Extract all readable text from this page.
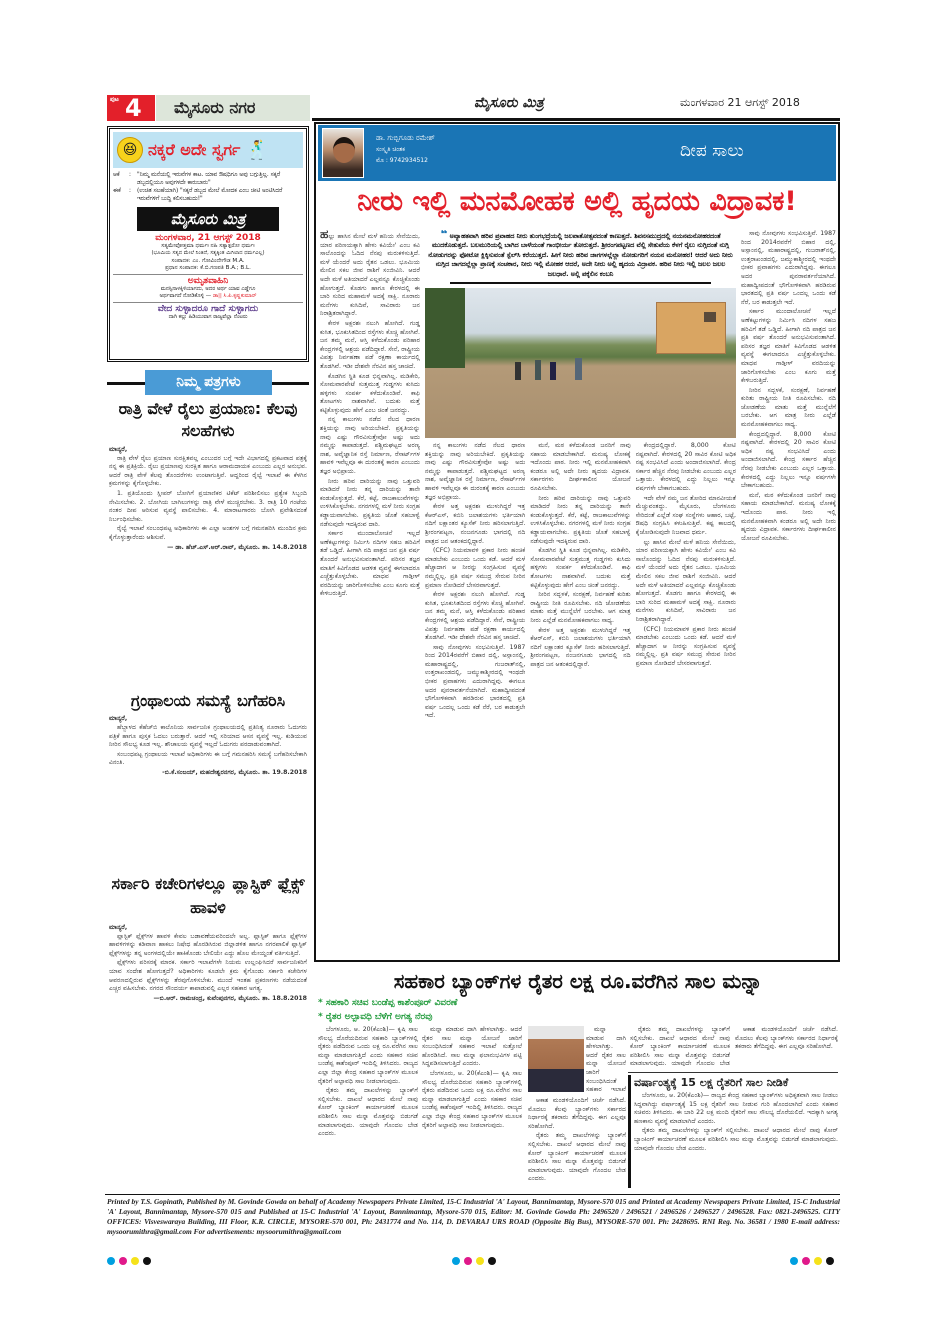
ಪುಟ 4	ಮೈಸೂರು ನಗರ	ಮೈಸೂರು ಮಿತ್ರ	ಮಂಗಳವಾರ 21 ಆಗಸ್ಟ್ 2018
😆 ನಕ್ಕರೆ ಅದೇ ಸ್ವರ್ಗ 🕺
ಆಕೆ	:	"ನಿಮ್ಮ ಮನೆಯಲ್ಲಿ ಇರುವೆಗಳ ಕಾಟ. ಯಾವ ಔಷಧಿಗೂ ಅವು ಬಗ್ಗುತ್ತಿಲ್ಲ. ಸಕ್ಕರೆ ಡಬ್ಬದಲ್ಲಿಯೂ ಅವುಗಳದೇ ಕಾರುಬಾರು"
ಈಕೆ	:	(ಉಚಿತ ಸಲಹೆಯಾಗಿ) "ಸಕ್ಕರೆ ಡಬ್ಬದ ಮೇಲೆ ಮೋದಕ ಎಂಬ ಚೀಟಿ ಅಂಟಿಸಿದರೆ ಇರುವೆಗಳಿಗೆ ಬುದ್ಧಿ ಕಲಿಸಬಹುದು!"
ಮೈಸೂರು ಮಿತ್ರ
ಮಂಗಳವಾರ, 21 ಆಗಸ್ಟ್ 2018
ಸತ್ಯಮೇವೋತ್ತಮಾ ಧರ್ಮಃ ನಹಿ ಸತ್ಯಾತ್ಪರೋ ಧರ್ಮಃ
(ಭೂಮಿಯ ಸತ್ಯದ ಮೇಲೆ ನಿಂತಿದೆ, ಸತ್ಯಕ್ಕಿಂತ ಮಿಗಿಲಾದ ಧರ್ಮವಿಲ್ಲ)
ಸಂಪಾದಕ: ಎಂ. ಗೋವಿಂದೇಗೌಡ M.A.
ಪ್ರಧಾನ ಸಂಪಾದಕ: ಕೆ.ಬಿ.ಗಣಪತಿ B.A.; B.L.
ಅಮೃತವಾಹಿನಿ
ಮನಸ್ಸಿನಾಳಕ್ಕಿಳಿಯಾಗದು, ಅದರ ಅರ್ಥ ಯಾವ ಎಡ್ಡೆಗೂ
ಅರ್ಥವಾಗದೆ ನೋಡಿಕೊಳ್ಳಿ — ಡಾ|| ಸಿ.ಪಿ.ಕೃಷ್ಣಕುಮಾರ್
ವೇದ ಸುಳ್ಳಾದರೂ ಗಾದೆ ಸುಳ್ಳಾಗದು
ದಾಗಿ ಕಲ್ಲು ಹಿಡಿಯುವಾಗ ರಾಜ್ಯವೆಲ್ಲಾ ನೆಂಟರು
ನಿಮ್ಮ ಪತ್ರಗಳು
ರಾತ್ರಿ ವೇಳೆ ರೈಲು ಪ್ರಯಾಣ: ಕೆಲವು ಸಲಹೆಗಳು
ಮಾನ್ಯರೆ,

ರಾತ್ರಿ ವೇಳೆ ರೈಲು ಪ್ರಯಾಣ ಸುರಕ್ಷಿತವಲ್ಲ ಎಂಬುದರ ಬಗ್ಗೆ ಇದೇ ವಿಭಾಗದಲ್ಲಿ ಪ್ರಕಟವಾದ ಪತ್ರಕ್ಕೆ ನನ್ನ ಈ ಪ್ರತಿಕ್ರಿಯೆ. ರೈಲು ಪ್ರಯಾಣವು ಸುರಕ್ಷಿತ ಹಾಗೂ ಆರಾಮದಾಯಕ ಎಂಬುದು ಎಲ್ಲರ ಅನುಭವ. ಆದರೆ ರಾತ್ರಿ ವೇಳೆ ಕೆಲವು ತೊಂದರೆಗಳು ಉಂಟಾಗುತ್ತಿವೆ. ಆದ್ದರಿಂದ ರೈಲ್ವೆ ಇಲಾಖೆ ಈ ಕೆಳಗಿನ ಕ್ರಮಗಳನ್ನು ಕೈಗೊಳ್ಳಬೇಕು.

1. ಪ್ರತಿಯೊಂದು ಸ್ಲೀಪರ್ ಬೋಗಿಗೆ ಪ್ರಯಾಣಿಕರ ಟಿಕೆಟ್ ಪರಿಶೀಲಿಸಲು ಪ್ರತ್ಯೇಕ ಸಿಬ್ಬಂದಿ ನೇಮಿಸಬೇಕು. 2. ಬೋಗಿಯ ಬಾಗಿಲುಗಳನ್ನು ರಾತ್ರಿ ವೇಳೆ ಮುಚ್ಚಿರಬೇಕು. 3. ರಾತ್ರಿ 10 ಗಂಟೆಯ ನಂತರ ದೀಪ ಆರಿಸುವ ವ್ಯವಸ್ಥೆ ಪಾಲಿಸಬೇಕು. 4. ಮಾರಾಟಗಾರರು ಬೋಗಿ ಪ್ರವೇಶಿಸದಂತೆ ನಿರ್ಬಂಧಿಸಬೇಕು.

ರೈಲ್ವೆ ಇಲಾಖೆ ಸಂಬಂಧಪಟ್ಟ ಅಧಿಕಾರಿಗಳು ಈ ಎಲ್ಲಾ ಅಂಶಗಳ ಬಗ್ಗೆ ಗಮನಹರಿಸಿ ಮುಂದಿನ ಕ್ರಮ ಕೈಗೊಳ್ಳುತ್ತಾರೆಂದು ಆಶಿಸುವೆ.

— ಡಾ. ಹೆಚ್.ಎಸ್.ಆರ್.ರಾವ್, ಮೈಸೂರು. ತಾ. 14.8.2018
ಗ್ರಂಥಾಲಯ ಸಮಸ್ಯೆ ಬಗೆಹರಿಸಿ
ಮಾನ್ಯರೆ,

ಹೆಬ್ಬಾಳದ ಕೆಹೆಚ್‌ಬಿ ಕಾಲೊನಿಯ ಸಾರ್ವಜನಿಕ ಗ್ರಂಥಾಲಯದಲ್ಲಿ ಪ್ರತಿನಿತ್ಯ ನೂರಾರು ಓದುಗರು ಪತ್ರಿಕೆ ಹಾಗೂ ಪುಸ್ತಕ ಓದಲು ಬರುತ್ತಾರೆ. ಆದರೆ ಇಲ್ಲಿ ಸರಿಯಾದ ಆಸನ ವ್ಯವಸ್ಥೆ ಇಲ್ಲ. ಕುಡಿಯುವ ನೀರಿನ ಸೌಲಭ್ಯ ಕೂಡ ಇಲ್ಲ. ಶೌಚಾಲಯ ವ್ಯವಸ್ಥೆ ಇಲ್ಲದೆ ಓದುಗರು ಪರದಾಡುವಂತಾಗಿದೆ.

ಸಂಬಂಧಪಟ್ಟ ಗ್ರಂಥಾಲಯ ಇಲಾಖೆ ಅಧಿಕಾರಿಗಳು ಈ ಬಗ್ಗೆ ಗಮನಹರಿಸಿ ಸಮಸ್ಯೆ ಬಗೆಹರಿಸಬೇಕಾಗಿ ವಿನಂತಿ.

-ಬಿ.ಕೆ.ಸಂಜಯ್, ಮಹದೇಶ್ವರನಗರ, ಮೈಸೂರು. ತಾ. 19.8.2018
ಸರ್ಕಾರಿ ಕಚೇರಿಗಳಲ್ಲೂ ಪ್ಲಾಸ್ಟಿಕ್ ಫ್ಲೆಕ್ಸ್ ಹಾವಳಿ
ಮಾನ್ಯರೆ,

ಪ್ಲಾಸ್ಟಿಕ್ ಫ್ಲೆಕ್ಸ್‌ಗಳ ಹಾವಳಿ ಕೇವಲ ಬಡಾವಣೆಯವರಿಂದಲೇ ಅಲ್ಲ. ಪ್ಲಾಸ್ಟಿಕ್ ಹಾಗೂ ಫ್ಲೆಕ್ಸ್‌ಗಳ ಹಾವಳಿಗಳನ್ನು ಕಡಿವಾಣ ಹಾಕಲು ನಿಷೇಧ ಹೊರಡಿಸಿರುವ ಜಿಲ್ಲಾಡಳಿತ ಹಾಗೂ ನಗರಪಾಲಿಕೆ ಪ್ಲಾಸ್ಟಿಕ್ ಫ್ಲೆಕ್ಸ್‌ಗಳನ್ನು ತನ್ನ ಅಂಗಳದಲ್ಲಿಯೇ ಹಾಕಿಕೊಂಡು ಬೇಲಿಯೇ ಎದ್ದು ಹೊಲ ಮೇಯ್ದಂತೆ ವರ್ತಿಸುತ್ತಿದೆ.

ಫ್ಲೆಕ್ಸ್‌ಗಳು ಪರಿಸರಕ್ಕೆ ಮಾರಕ. ಸರ್ಕಾರಿ ಇಲಾಖೆಗಳೇ ನಿಯಮ ಉಲ್ಲಂಘಿಸಿದರೆ ಸಾರ್ವಜನಿಕರಿಗೆ ಯಾವ ಸಂದೇಶ ಹೋಗುತ್ತದೆ? ಅಧಿಕಾರಿಗಳು ಕೂಡಲೇ ಕ್ರಮ ಕೈಗೊಂಡು ಸರ್ಕಾರಿ ಕಚೇರಿಗಳ ಆವರಣದಲ್ಲಿರುವ ಫ್ಲೆಕ್ಸ್‌ಗಳನ್ನು ತೆರವುಗೊಳಿಸಬೇಕು. ಮುಂದೆ ಇಂತಹ ಪ್ರಕರಣಗಳು ನಡೆಯದಂತೆ ಎಚ್ಚರ ವಹಿಸಬೇಕು. ನಗರದ ಸೌಂದರ್ಯ ಕಾಪಾಡುವಲ್ಲಿ ಎಲ್ಲರ ಸಹಕಾರ ಅಗತ್ಯ.

—ಬಿ.ಆರ್. ರಾಮಚಂದ್ರ, ಕುವೆಂಪುನಗರ, ಮೈಸೂರು. ತಾ. 18.8.2018
ಡಾ. ಗುಬ್ಬಿಗೂಡು ರಮೇಶ್
ಸಂಸ್ಕೃತಿ ಚಿಂತಕ
ಮೊ : 9742934512	ದೀಪ ಸಾಲು
ನೀರು ಇಲ್ಲಿ ಮನಮೋಹಕ ಅಲ್ಲಿ ಹೃದಯ ವಿದ್ರಾವಕ!

ಹಲ್ಲು ಹಾಸಿನ ಮೇಲೆ ಮಳೆ ಹನಿಯ ಸೇನೆಯಿದು, ಯಾರ ಪರಿಣಯಕ್ಕಾಗಿ ಹೇಳು ಕವಿಯೇ' ಎಂಬ ಕವಿ ಸಾಲೊಂದನ್ನು ಓದಿದ ನೆನಪು ಮರುಕಳಿಸುತ್ತಿದೆ. ಮಳೆ ಯೆಂದರೆ ಅದು ರೈತನ ಒಡಲು. ಭೂಮಿಯ ಮೇಲಿನ ಸಕಲ ಜೀವ ರಾಶಿಗೆ ಸಂಜೀವಿನಿ. ಆದರೆ ಅದೇ ಮಳೆ ಅತಿಯಾದರೆ ಎಲ್ಲವನ್ನೂ ಕೊಚ್ಚಿಕೊಂಡು ಹೋಗುತ್ತದೆ. ಕೊಡಗು ಹಾಗೂ ಕೇರಳದಲ್ಲಿ ಈ ಬಾರಿ ಸುರಿದ ಮಹಾಮಳೆ ಅದಕ್ಕೆ ಸಾಕ್ಷಿ. ನೂರಾರು ಮನೆಗಳು ಕುಸಿದಿವೆ, ಸಾವಿರಾರು ಜನ ನಿರಾಶ್ರಿತರಾಗಿದ್ದಾರೆ.

ಕೇರಳ ಅಕ್ಷರಶಃ ನಲುಗಿ ಹೋಗಿದೆ. ಗುಡ್ಡ ಕುಸಿತ, ಭೂಕುಸಿತದಿಂದ ರಸ್ತೆಗಳು ಕೊಚ್ಚಿ ಹೋಗಿವೆ. ಜನ ತಮ್ಮ ಮನೆ, ಆಸ್ತಿ ಕಳೆದುಕೊಂಡು ಪರಿಹಾರ ಕೇಂದ್ರಗಳಲ್ಲಿ ಆಶ್ರಯ ಪಡೆದಿದ್ದಾರೆ. ಸೇನೆ, ರಾಷ್ಟ್ರೀಯ ವಿಪತ್ತು ನಿರ್ವಹಣಾ ಪಡೆ ರಕ್ಷಣಾ ಕಾರ್ಯದಲ್ಲಿ ತೊಡಗಿವೆ. ಇಡೀ ದೇಶವೇ ನೆರವಿನ ಹಸ್ತ ಚಾಚಿದೆ.

ಕೊಡಗಿನ ಸ್ಥಿತಿ ಕೂಡ ಭಿನ್ನವಾಗಿಲ್ಲ. ಮಡಿಕೇರಿ, ಸೋಮವಾರಪೇಟೆ ಸುತ್ತಮುತ್ತ ಗುಡ್ಡಗಳು ಕುಸಿದು ಹಳ್ಳಿಗಳು ಸಂಪರ್ಕ ಕಳೆದುಕೊಂಡಿವೆ. ಕಾಫಿ ತೋಟಗಳು ನಾಶವಾಗಿವೆ. ಬದುಕು ಮತ್ತೆ ಕಟ್ಟಿಕೊಳ್ಳುವುದು ಹೇಗೆ ಎಂಬ ಚಿಂತೆ ಜನರದ್ದು.

ನನ್ನ ಕಾಲುಗಳು ನಡೆದ ನೆಲದ ಧಾರಣ ಶಕ್ತಿಯನ್ನು ನಾವು ಅರಿಯಬೇಕಿದೆ. ಪ್ರಕೃತಿಯನ್ನು ನಾವು ಎಷ್ಟು ಗೌರವಿಸುತ್ತೇವೋ ಅಷ್ಟು ಅದು ನಮ್ಮನ್ನು ಕಾಪಾಡುತ್ತದೆ. ಪಶ್ಚಿಮಘಟ್ಟದ ಅರಣ್ಯ ನಾಶ, ಅವೈಜ್ಞಾನಿಕ ರಸ್ತೆ ನಿರ್ಮಾಣ, ರೆಸಾರ್ಟ್‌ಗಳ ಹಾವಳಿ ಇವೆಲ್ಲವೂ ಈ ದುರಂತಕ್ಕೆ ಕಾರಣ ಎಂಬುದು ತಜ್ಞರ ಅಭಿಪ್ರಾಯ.

ನೀರು ಹರಿವ ದಾರಿಯನ್ನು ನಾವು ಒತ್ತುವರಿ ಮಾಡಿದರೆ ನೀರು ತನ್ನ ದಾರಿಯನ್ನು ತಾನೇ ಕಂಡುಕೊಳ್ಳುತ್ತದೆ. ಕೆರೆ, ಕಟ್ಟೆ, ರಾಜಕಾಲುವೆಗಳನ್ನು ಉಳಿಸಿಕೊಳ್ಳಬೇಕು. ನಗರಗಳಲ್ಲಿ ಮಳೆ ನೀರು ಸಂಗ್ರಹ ಕಡ್ಡಾಯವಾಗಬೇಕು. ಪ್ರಕೃತಿಯ ಜೊತೆ ಸಹಬಾಳ್ವೆ ನಡೆಸುವುದೇ ಇದಕ್ಕಿರುವ ದಾರಿ.

ಸರ್ಕಾರ ಮುಂದಾಲೋಚನೆ ಇಲ್ಲದೆ ಅಣೆಕಟ್ಟುಗಳನ್ನು ನಿರ್ಮಿಸಿ ನದಿಗಳ ಸಹಜ ಹರಿವಿಗೆ ತಡೆ ಒಡ್ಡಿದೆ. ಹೀಗಾಗಿ ನದಿ ಪಾತ್ರದ ಜನ ಪ್ರತಿ ವರ್ಷ ತೊಂದರೆ ಅನುಭವಿಸುವಂತಾಗಿದೆ. ಪರಿಸರ ತಜ್ಞರ ಮಾತಿಗೆ ಕಿವಿಗೊಡದ ಆಡಳಿತ ವ್ಯವಸ್ಥೆ ಈಗಲಾದರೂ ಎಚ್ಚೆತ್ತುಕೊಳ್ಳಬೇಕು. ಮಾಧವ ಗಾಡ್ಗೀಳ್ ವರದಿಯನ್ನು ಜಾರಿಗೊಳಿಸಬೇಕು ಎಂಬ ಕೂಗು ಮತ್ತೆ ಕೇಳಿಬರುತ್ತಿದೆ.

❝ ಅವ್ಯಾಹತವಾಗಿ ಹರಿವ ಪ್ರವಾಹದ ನೀರು ತುಂಗಭದ್ರೆಯಲ್ಲಿ ಜಲಪಾತೋತ್ಸವದಂತೆ ಕಾಣುತ್ತದೆ. ಶಿವನಸಮುದ್ರದಲ್ಲಿ ನಯನಮನೋಹರದಂತೆ ಮುದಕೊಡುತ್ತದೆ. ಬಲಮುರಿಯಲ್ಲಿ ಬಾಗಿದ ಬಾಳೆಯಂತೆ ಗಾಂಭೀರ್ಯ ತೋರುತ್ತದೆ. ಶ್ರೀರಂಗಪಟ್ಟಣದ ವೆಲ್ಲಿ ಸೇತುವೆಯ ಕೆಳಗೆ ರೈಲು ನುಗ್ಗಿದಂತೆ ನುಗ್ಗಿ ನೋಡುಗರನ್ನು ಫೋಟೋ ಕ್ಲಿಕ್ಕಿಸುವಂತೆ ಸ್ಪೆಲ್‌ಸಿ ಕರೆಯುತ್ತದೆ. ಹೀಗೆ ನೀರು ಹರಿವ ಜಾಗಗಳಲ್ಲೆಲ್ಲಾ ನೋಡುಗರಿಗೆ ನಯನ ಮನೋಹರ! ಆದರೆ ಅದು ನೀರು ನುಗ್ಗಿದ ಜಾಗದಲ್ಲೆಲ್ಲಾ ಪ್ರಾಣಕ್ಕೆ ಸಂಚಕಾರ, ನೀರು ಇಲ್ಲಿ ಮೋಹಕ ಆದರೆ, ಅದೇ ನೀರು ಅಲ್ಲಿ ಹೃದಯ ವಿದ್ರಾವಕ. ಹರಿವ ನೀರು ಇಲ್ಲಿ ಜಲಲ ಜಲಲ ಜಲಧಾರೆ. ಅಲ್ಲಿ ಪಕ್ಕೆಲಿನ ಕಂಬನಿ

ನನ್ನ ಕಾಲುಗಳು ನಡೆದ ನೆಲದ ಧಾರಣ ಶಕ್ತಿಯನ್ನು ನಾವು ಅರಿಯಬೇಕಿದೆ. ಪ್ರಕೃತಿಯನ್ನು ನಾವು ಎಷ್ಟು ಗೌರವಿಸುತ್ತೇವೋ ಅಷ್ಟು ಅದು ನಮ್ಮನ್ನು ಕಾಪಾಡುತ್ತದೆ. ಪಶ್ಚಿಮಘಟ್ಟದ ಅರಣ್ಯ ನಾಶ, ಅವೈಜ್ಞಾನಿಕ ರಸ್ತೆ ನಿರ್ಮಾಣ, ರೆಸಾರ್ಟ್‌ಗಳ ಹಾವಳಿ ಇವೆಲ್ಲವೂ ಈ ದುರಂತಕ್ಕೆ ಕಾರಣ ಎಂಬುದು ತಜ್ಞರ ಅಭಿಪ್ರಾಯ.

ಕೇರಳ ಅತ್ತ ಅಕ್ಷರಶಃ ಮುಳುಗಿದ್ದರೆ ಇತ್ತ ಕೆಆರ್‌ಎಸ್, ಕಬಿನಿ ಜಲಾಶಯಗಳು ಭರ್ತಿಯಾಗಿ ನದಿಗೆ ಲಕ್ಷಾಂತರ ಕ್ಯೂಸೆಕ್ ನೀರು ಹರಿಸಲಾಗುತ್ತಿದೆ. ಶ್ರೀರಂಗಪಟ್ಟಣ, ನಂಜನಗೂಡು ಭಾಗದಲ್ಲಿ ನದಿ ಪಾತ್ರದ ಜನ ಆತಂಕದಲ್ಲಿದ್ದಾರೆ.

(CFC) ನಿಯಮಾವಳಿ ಪ್ರಕಾರ ನೀರು ಹಂಚಿಕೆ ಮಾಡಬೇಕು ಎಂಬುದು ಒಂದು ಕಡೆ. ಆದರೆ ಮಳೆ ಹೆಚ್ಚಾದಾಗ ಆ ನೀರನ್ನು ಸಂಗ್ರಹಿಸುವ ವ್ಯವಸ್ಥೆ ನಮ್ಮಲ್ಲಿಲ್ಲ. ಪ್ರತಿ ವರ್ಷ ಸಮುದ್ರ ಸೇರುವ ನೀರಿನ ಪ್ರಮಾಣ ನೋಡಿದರೆ ಬೇಸರವಾಗುತ್ತದೆ.

ಕೇರಳ ಅಕ್ಷರಶಃ ನಲುಗಿ ಹೋಗಿದೆ. ಗುಡ್ಡ ಕುಸಿತ, ಭೂಕುಸಿತದಿಂದ ರಸ್ತೆಗಳು ಕೊಚ್ಚಿ ಹೋಗಿವೆ. ಜನ ತಮ್ಮ ಮನೆ, ಆಸ್ತಿ ಕಳೆದುಕೊಂಡು ಪರಿಹಾರ ಕೇಂದ್ರಗಳಲ್ಲಿ ಆಶ್ರಯ ಪಡೆದಿದ್ದಾರೆ. ಸೇನೆ, ರಾಷ್ಟ್ರೀಯ ವಿಪತ್ತು ನಿರ್ವಹಣಾ ಪಡೆ ರಕ್ಷಣಾ ಕಾರ್ಯದಲ್ಲಿ ತೊಡಗಿವೆ. ಇಡೀ ದೇಶವೇ ನೆರವಿನ ಹಸ್ತ ಚಾಚಿದೆ.

ಸಾವು ನೋವುಗಳು ಸಂಭವಿಸುತ್ತಿವೆ. 1987 ರಿಂದ 2014ರವರೆಗೆ ಬಿಹಾರ ದಲ್ಲಿ, ಅಸ್ಸಾಂನಲ್ಲಿ, ಮಹಾರಾಷ್ಟ್ರದಲ್ಲಿ, ಗುಜರಾತ್‌ನಲ್ಲಿ, ಉತ್ತರಾಖಂಡದಲ್ಲಿ, ಜಮ್ಮುಕಾಶ್ಮೀರದಲ್ಲಿ ಇಂಥದೇ ಭೀಕರ ಪ್ರವಾಹಗಳು ಎದುರಾಗಿದ್ದವು. ಈಗಲೂ ಅದರ ಪುನರಾವರ್ತನೆಯಾಗಿದೆ. ಮಹಾದ್ವೀಪದಂತೆ ಭೌಗೋಳಿಕವಾಗಿ ಹರಡಿರುವ ಭಾರತದಲ್ಲಿ ಪ್ರತಿ ವರ್ಷ ಒಂದಲ್ಲ ಒಂದು ಕಡೆ ನೆರೆ, ಬರ ಕಾಡುತ್ತಲೇ ಇದೆ.

ಮನೆ, ಮಠ ಕಳೆದುಕೊಂಡ ಜನರಿಗೆ ನಾವು ಸಹಾಯ ಮಾಡಬೇಕಾಗಿದೆ. ಮನುಷ್ಯ ಲೋಕಕ್ಕೆ ಇದೊಂದು ಪಾಠ. ನೀರು ಇಲ್ಲಿ ಮನಮೋಹಕವಾಗಿ ಕಂಡರೂ ಅಲ್ಲಿ ಅದೇ ನೀರು ಹೃದಯ ವಿದ್ರಾವಕ. ಸರ್ಕಾರಗಳು ದೀರ್ಘಕಾಲೀನ ಯೋಜನೆ ರೂಪಿಸಬೇಕು.

ನೀರು ಹರಿವ ದಾರಿಯನ್ನು ನಾವು ಒತ್ತುವರಿ ಮಾಡಿದರೆ ನೀರು ತನ್ನ ದಾರಿಯನ್ನು ತಾನೇ ಕಂಡುಕೊಳ್ಳುತ್ತದೆ. ಕೆರೆ, ಕಟ್ಟೆ, ರಾಜಕಾಲುವೆಗಳನ್ನು ಉಳಿಸಿಕೊಳ್ಳಬೇಕು. ನಗರಗಳಲ್ಲಿ ಮಳೆ ನೀರು ಸಂಗ್ರಹ ಕಡ್ಡಾಯವಾಗಬೇಕು. ಪ್ರಕೃತಿಯ ಜೊತೆ ಸಹಬಾಳ್ವೆ ನಡೆಸುವುದೇ ಇದಕ್ಕಿರುವ ದಾರಿ.

ಕೊಡಗಿನ ಸ್ಥಿತಿ ಕೂಡ ಭಿನ್ನವಾಗಿಲ್ಲ. ಮಡಿಕೇರಿ, ಸೋಮವಾರಪೇಟೆ ಸುತ್ತಮುತ್ತ ಗುಡ್ಡಗಳು ಕುಸಿದು ಹಳ್ಳಿಗಳು ಸಂಪರ್ಕ ಕಳೆದುಕೊಂಡಿವೆ. ಕಾಫಿ ತೋಟಗಳು ನಾಶವಾಗಿವೆ. ಬದುಕು ಮತ್ತೆ ಕಟ್ಟಿಕೊಳ್ಳುವುದು ಹೇಗೆ ಎಂಬ ಚಿಂತೆ ಜನರದ್ದು.

ನೀರಿನ ಸದ್ಬಳಕೆ, ಸಂರಕ್ಷಣೆ, ನಿರ್ವಹಣೆ ಕುರಿತು ರಾಷ್ಟ್ರೀಯ ನೀತಿ ರೂಪಿಸಬೇಕು. ನದಿ ಜೋಡಣೆಯ ಮಾತು ಮತ್ತೆ ಮುನ್ನೆಲೆಗೆ ಬರಬೇಕು. ಆಗ ಮಾತ್ರ ನೀರು ಎಲ್ಲೆಡೆ ಮನಮೋಹಕವಾಗಲು ಸಾಧ್ಯ.

ಕೇರಳ ಅತ್ತ ಅಕ್ಷರಶಃ ಮುಳುಗಿದ್ದರೆ ಇತ್ತ ಕೆಆರ್‌ಎಸ್, ಕಬಿನಿ ಜಲಾಶಯಗಳು ಭರ್ತಿಯಾಗಿ ನದಿಗೆ ಲಕ್ಷಾಂತರ ಕ್ಯೂಸೆಕ್ ನೀರು ಹರಿಸಲಾಗುತ್ತಿದೆ. ಶ್ರೀರಂಗಪಟ್ಟಣ, ನಂಜನಗೂಡು ಭಾಗದಲ್ಲಿ ನದಿ ಪಾತ್ರದ ಜನ ಆತಂಕದಲ್ಲಿದ್ದಾರೆ.

ಕೇಂದ್ರದಲ್ಲಿದ್ದಾರೆ. 8,000 ಕೋಟಿ ನಷ್ಟವಾಗಿದೆ. ಕೇರಳದಲ್ಲಿ 20 ಸಾವಿರ ಕೋಟಿ ಅಧಿಕ ನಷ್ಟ ಸಂಭವಿಸಿದೆ ಎಂದು ಅಂದಾಜಿಸಲಾಗಿದೆ. ಕೇಂದ್ರ ಸರ್ಕಾರ ಹೆಚ್ಚಿನ ನೆರವು ನೀಡಬೇಕು ಎಂಬುದು ಎಲ್ಲರ ಒತ್ತಾಯ. ಕೇರಳದಲ್ಲಿ ಎದ್ದು ನಿಲ್ಲಲು ಇನ್ನೂ ವರ್ಷಗಳೇ ಬೇಕಾಗಬಹುದು.

ಇದೇ ವೇಳೆ ನಮ್ಮ ಜನ ತೋರಿದ ಮಾನವೀಯತೆ ಮೆಚ್ಚುವಂತದ್ದು. ಮೈಸೂರು, ಬೆಂಗಳೂರು ಸೇರಿದಂತೆ ಎಲ್ಲೆಡೆ ಸಂಘ ಸಂಸ್ಥೆಗಳು ಆಹಾರ, ಬಟ್ಟೆ, ಔಷಧಿ ಸಂಗ್ರಹಿಸಿ ಕಳುಹಿಸುತ್ತಿವೆ. ಕಷ್ಟ ಕಾಲದಲ್ಲಿ ಕೈಜೋಡಿಸುವುದೇ ನಿಜವಾದ ಧರ್ಮ.

ಲ್ಲು ಹಾಸಿನ ಮೇಲೆ ಮಳೆ ಹನಿಯ ಸೇನೆಯಿದು, ಯಾರ ಪರಿಣಯಕ್ಕಾಗಿ ಹೇಳು ಕವಿಯೇ' ಎಂಬ ಕವಿ ಸಾಲೊಂದನ್ನು ಓದಿದ ನೆನಪು ಮರುಕಳಿಸುತ್ತಿದೆ. ಮಳೆ ಯೆಂದರೆ ಅದು ರೈತನ ಒಡಲು. ಭೂಮಿಯ ಮೇಲಿನ ಸಕಲ ಜೀವ ರಾಶಿಗೆ ಸಂಜೀವಿನಿ. ಆದರೆ ಅದೇ ಮಳೆ ಅತಿಯಾದರೆ ಎಲ್ಲವನ್ನೂ ಕೊಚ್ಚಿಕೊಂಡು ಹೋಗುತ್ತದೆ. ಕೊಡಗು ಹಾಗೂ ಕೇರಳದಲ್ಲಿ ಈ ಬಾರಿ ಸುರಿದ ಮಹಾಮಳೆ ಅದಕ್ಕೆ ಸಾಕ್ಷಿ. ನೂರಾರು ಮನೆಗಳು ಕುಸಿದಿವೆ, ಸಾವಿರಾರು ಜನ ನಿರಾಶ್ರಿತರಾಗಿದ್ದಾರೆ.

(CFC) ನಿಯಮಾವಳಿ ಪ್ರಕಾರ ನೀರು ಹಂಚಿಕೆ ಮಾಡಬೇಕು ಎಂಬುದು ಒಂದು ಕಡೆ. ಆದರೆ ಮಳೆ ಹೆಚ್ಚಾದಾಗ ಆ ನೀರನ್ನು ಸಂಗ್ರಹಿಸುವ ವ್ಯವಸ್ಥೆ ನಮ್ಮಲ್ಲಿಲ್ಲ. ಪ್ರತಿ ವರ್ಷ ಸಮುದ್ರ ಸೇರುವ ನೀರಿನ ಪ್ರಮಾಣ ನೋಡಿದರೆ ಬೇಸರವಾಗುತ್ತದೆ.

ಸಾವು ನೋವುಗಳು ಸಂಭವಿಸುತ್ತಿವೆ. 1987 ರಿಂದ 2014ರವರೆಗೆ ಬಿಹಾರ ದಲ್ಲಿ, ಅಸ್ಸಾಂನಲ್ಲಿ, ಮಹಾರಾಷ್ಟ್ರದಲ್ಲಿ, ಗುಜರಾತ್‌ನಲ್ಲಿ, ಉತ್ತರಾಖಂಡದಲ್ಲಿ, ಜಮ್ಮುಕಾಶ್ಮೀರದಲ್ಲಿ ಇಂಥದೇ ಭೀಕರ ಪ್ರವಾಹಗಳು ಎದುರಾಗಿದ್ದವು. ಈಗಲೂ ಅದರ ಪುನರಾವರ್ತನೆಯಾಗಿದೆ. ಮಹಾದ್ವೀಪದಂತೆ ಭೌಗೋಳಿಕವಾಗಿ ಹರಡಿರುವ ಭಾರತದಲ್ಲಿ ಪ್ರತಿ ವರ್ಷ ಒಂದಲ್ಲ ಒಂದು ಕಡೆ ನೆರೆ, ಬರ ಕಾಡುತ್ತಲೇ ಇದೆ.

ಸರ್ಕಾರ ಮುಂದಾಲೋಚನೆ ಇಲ್ಲದೆ ಅಣೆಕಟ್ಟುಗಳನ್ನು ನಿರ್ಮಿಸಿ ನದಿಗಳ ಸಹಜ ಹರಿವಿಗೆ ತಡೆ ಒಡ್ಡಿದೆ. ಹೀಗಾಗಿ ನದಿ ಪಾತ್ರದ ಜನ ಪ್ರತಿ ವರ್ಷ ತೊಂದರೆ ಅನುಭವಿಸುವಂತಾಗಿದೆ. ಪರಿಸರ ತಜ್ಞರ ಮಾತಿಗೆ ಕಿವಿಗೊಡದ ಆಡಳಿತ ವ್ಯವಸ್ಥೆ ಈಗಲಾದರೂ ಎಚ್ಚೆತ್ತುಕೊಳ್ಳಬೇಕು. ಮಾಧವ ಗಾಡ್ಗೀಳ್ ವರದಿಯನ್ನು ಜಾರಿಗೊಳಿಸಬೇಕು ಎಂಬ ಕೂಗು ಮತ್ತೆ ಕೇಳಿಬರುತ್ತಿದೆ.

ನೀರಿನ ಸದ್ಬಳಕೆ, ಸಂರಕ್ಷಣೆ, ನಿರ್ವಹಣೆ ಕುರಿತು ರಾಷ್ಟ್ರೀಯ ನೀತಿ ರೂಪಿಸಬೇಕು. ನದಿ ಜೋಡಣೆಯ ಮಾತು ಮತ್ತೆ ಮುನ್ನೆಲೆಗೆ ಬರಬೇಕು. ಆಗ ಮಾತ್ರ ನೀರು ಎಲ್ಲೆಡೆ ಮನಮೋಹಕವಾಗಲು ಸಾಧ್ಯ.

ಕೇಂದ್ರದಲ್ಲಿದ್ದಾರೆ. 8,000 ಕೋಟಿ ನಷ್ಟವಾಗಿದೆ. ಕೇರಳದಲ್ಲಿ 20 ಸಾವಿರ ಕೋಟಿ ಅಧಿಕ ನಷ್ಟ ಸಂಭವಿಸಿದೆ ಎಂದು ಅಂದಾಜಿಸಲಾಗಿದೆ. ಕೇಂದ್ರ ಸರ್ಕಾರ ಹೆಚ್ಚಿನ ನೆರವು ನೀಡಬೇಕು ಎಂಬುದು ಎಲ್ಲರ ಒತ್ತಾಯ. ಕೇರಳದಲ್ಲಿ ಎದ್ದು ನಿಲ್ಲಲು ಇನ್ನೂ ವರ್ಷಗಳೇ ಬೇಕಾಗಬಹುದು.

ಮನೆ, ಮಠ ಕಳೆದುಕೊಂಡ ಜನರಿಗೆ ನಾವು ಸಹಾಯ ಮಾಡಬೇಕಾಗಿದೆ. ಮನುಷ್ಯ ಲೋಕಕ್ಕೆ ಇದೊಂದು ಪಾಠ. ನೀರು ಇಲ್ಲಿ ಮನಮೋಹಕವಾಗಿ ಕಂಡರೂ ಅಲ್ಲಿ ಅದೇ ನೀರು ಹೃದಯ ವಿದ್ರಾವಕ. ಸರ್ಕಾರಗಳು ದೀರ್ಘಕಾಲೀನ ಯೋಜನೆ ರೂಪಿಸಬೇಕು.

ಸಹಕಾರ ಬ್ಯಾಂಕ್‌ಗಳ ರೈತರ ಲಕ್ಷ ರೂ.ವರೆಗಿನ ಸಾಲ ಮನ್ನಾ
* ಸಹಕಾರಿ ಸಚಿವ ಬಂಡೆಪ್ಪ ಕಾಶೆಂಪೂರ್ ವಿವರಣೆ
* ರೈತರ ಅಲ್ಪಾವಧಿ ಬೆಳೆಗೆ ಅಗತ್ಯ ನೆರವು

ಬೆಂಗಳೂರು, ಆ. 20(ಕೆಎಂಶಿ)— ಕೃಷಿ ಸಾಲ ಸೌಲಭ್ಯ ದೊರೆಯದಿರುವ ಸಹಕಾರಿ ಬ್ಯಾಂಕ್‌ಗಳಲ್ಲಿ ರೈತರು ಪಡೆದಿರುವ ಒಂದು ಲಕ್ಷ ರೂ.ವರೆಗಿನ ಸಾಲ ಮನ್ನಾ ಮಾಡಲಾಗುತ್ತಿದೆ ಎಂದು ಸಹಕಾರ ಸಚಿವ ಬಂಡೆಪ್ಪ ಕಾಶೆಂಪೂರ್ ಇಂದಿಲ್ಲಿ ತಿಳಿಸಿದರು. ರಾಜ್ಯದ ಎಲ್ಲಾ ಜಿಲ್ಲಾ ಕೇಂದ್ರ ಸಹಕಾರ ಬ್ಯಾಂಕ್‌ಗಳ ಮೂಲಕ ರೈತರಿಗೆ ಅಲ್ಪಾವಧಿ ಸಾಲ ನೀಡಲಾಗುವುದು.

ರೈತರು ತಮ್ಮ ದಾಖಲೆಗಳನ್ನು ಬ್ಯಾಂಕ್‌ಗೆ ಸಲ್ಲಿಸಬೇಕು. ದಾಖಲೆ ಆಧಾರದ ಮೇಲೆ ನಾವು ಕೋರ್ ಬ್ಯಾಂಕಿಂಗ್ ಕಾರ್ಯಾಚರಣೆ ಮೂಲಕ ಪರಿಶೀಲಿಸಿ ಸಾಲ ಮನ್ನಾ ಮೊತ್ತವನ್ನು ಬಿಡುಗಡೆ ಮಾಡಲಾಗುವುದು. ಯಾವುದೇ ಗೊಂದಲ ಬೇಡ ಎಂದರು.

ಮನ್ನಾ ಮಾಡುವ ದಾಗಿ ಹೇಳಲಾಗಿತ್ತು. ಆದರೆ ರೈತರ ಸಾಲ ಮನ್ನಾ ಯೋಜನೆ ಜಾರಿಗೆ ಸಂಬಂಧಿಸಿದಂತೆ ಸಹಕಾರ ಇಲಾಖೆ ಸುತ್ತೋಲೆ ಹೊರಡಿಸಿದೆ. ಸಾಲ ಮನ್ನಾ ಫಲಾನುಭವಿಗಳ ಪಟ್ಟಿ ಸಿದ್ಧಪಡಿಸಲಾಗುತ್ತಿದೆ ಎಂದರು.

ಬೆಂಗಳೂರು, ಆ. 20(ಕೆಎಂಶಿ)— ಕೃಷಿ ಸಾಲ ಸೌಲಭ್ಯ ದೊರೆಯದಿರುವ ಸಹಕಾರಿ ಬ್ಯಾಂಕ್‌ಗಳಲ್ಲಿ ರೈತರು ಪಡೆದಿರುವ ಒಂದು ಲಕ್ಷ ರೂ.ವರೆಗಿನ ಸಾಲ ಮನ್ನಾ ಮಾಡಲಾಗುತ್ತಿದೆ ಎಂದು ಸಹಕಾರ ಸಚಿವ ಬಂಡೆಪ್ಪ ಕಾಶೆಂಪೂರ್ ಇಂದಿಲ್ಲಿ ತಿಳಿಸಿದರು. ರಾಜ್ಯದ ಎಲ್ಲಾ ಜಿಲ್ಲಾ ಕೇಂದ್ರ ಸಹಕಾರ ಬ್ಯಾಂಕ್‌ಗಳ ಮೂಲಕ ರೈತರಿಗೆ ಅಲ್ಪಾವಧಿ ಸಾಲ ನೀಡಲಾಗುವುದು.

ಮನ್ನಾ ಮಾಡುವ ದಾಗಿ ಹೇಳಲಾಗಿತ್ತು. ಆದರೆ ರೈತರ ಸಾಲ ಮನ್ನಾ ಯೋಜನೆ ಜಾರಿಗೆ ಸಂಬಂಧಿಸಿದಂತೆ ಸಹಕಾರ ಇಲಾಖೆ

ಆಕಾಶ ಮಂಡಳಿಯೊಂದಿಗೆ ಚರ್ಚೆ ನಡೆಸಿದೆ. ಮೊದಲು ಕೆಲವು ಬ್ಯಾಂಕ್‌ಗಳು ಸರ್ಕಾರದ ನಿರ್ಧಾರಕ್ಕೆ ತಕರಾರು ತೆಗೆದಿದ್ದವು. ಈಗ ಎಲ್ಲವೂ ಸರಿಹೋಗಿದೆ.

ರೈತರು ತಮ್ಮ ದಾಖಲೆಗಳನ್ನು ಬ್ಯಾಂಕ್‌ಗೆ ಸಲ್ಲಿಸಬೇಕು. ದಾಖಲೆ ಆಧಾರದ ಮೇಲೆ ನಾವು ಕೋರ್ ಬ್ಯಾಂಕಿಂಗ್ ಕಾರ್ಯಾಚರಣೆ ಮೂಲಕ ಪರಿಶೀಲಿಸಿ ಸಾಲ ಮನ್ನಾ ಮೊತ್ತವನ್ನು ಬಿಡುಗಡೆ ಮಾಡಲಾಗುವುದು. ಯಾವುದೇ ಗೊಂದಲ ಬೇಡ ಎಂದರು.

ರೈತರು ತಮ್ಮ ದಾಖಲೆಗಳನ್ನು ಬ್ಯಾಂಕ್‌ಗೆ ಸಲ್ಲಿಸಬೇಕು. ದಾಖಲೆ ಆಧಾರದ ಮೇಲೆ ನಾವು ಕೋರ್ ಬ್ಯಾಂಕಿಂಗ್ ಕಾರ್ಯಾಚರಣೆ ಮೂಲಕ ಪರಿಶೀಲಿಸಿ ಸಾಲ ಮನ್ನಾ ಮೊತ್ತವನ್ನು ಬಿಡುಗಡೆ ಮಾಡಲಾಗುವುದು. ಯಾವುದೇ ಗೊಂದಲ ಬೇಡ

ಆಕಾಶ ಮಂಡಳಿಯೊಂದಿಗೆ ಚರ್ಚೆ ನಡೆಸಿದೆ. ಮೊದಲು ಕೆಲವು ಬ್ಯಾಂಕ್‌ಗಳು ಸರ್ಕಾರದ ನಿರ್ಧಾರಕ್ಕೆ ತಕರಾರು ತೆಗೆದಿದ್ದವು. ಈಗ ಎಲ್ಲವೂ ಸರಿಹೋಗಿದೆ.

ವರ್ಷಾಂತ್ಯಕ್ಕೆ 15 ಲಕ್ಷ ರೈತರಿಗೆ ಸಾಲ ನೀಡಿಕೆ

ಬೆಂಗಳೂರು, ಆ. 20(ಕೆಎಂಶಿ)— ರಾಜ್ಯದ ಕೇಂದ್ರ ಸಹಕಾರ ಬ್ಯಾಂಕ್‌ಗಳು ಅಧಿಕೃತವಾಗಿ ಸಾಲ ನೀಡಲು ಸಿದ್ಧವಾಗಿದ್ದು ವರ್ಷಾಂತ್ಯಕ್ಕೆ 15 ಲಕ್ಷ ರೈತರಿಗೆ ಸಾಲ ನೀಡುವ ಗುರಿ ಹೊಂದಲಾಗಿದೆ ಎಂದು ಸಹಕಾರ ಸಚಿವರು ತಿಳಿಸಿದರು. ಈ ಬಾರಿ 22 ಲಕ್ಷ ಮಂದಿ ರೈತರಿಗೆ ಸಾಲ ಸೌಲಭ್ಯ ದೊರೆಯಲಿದೆ. ಇದಕ್ಕಾಗಿ ಅಗತ್ಯ ಹಣಕಾಸು ವ್ಯವಸ್ಥೆ ಮಾಡಲಾಗಿದೆ ಎಂದರು.

ರೈತರು ತಮ್ಮ ದಾಖಲೆಗಳನ್ನು ಬ್ಯಾಂಕ್‌ಗೆ ಸಲ್ಲಿಸಬೇಕು. ದಾಖಲೆ ಆಧಾರದ ಮೇಲೆ ನಾವು ಕೋರ್ ಬ್ಯಾಂಕಿಂಗ್ ಕಾರ್ಯಾಚರಣೆ ಮೂಲಕ ಪರಿಶೀಲಿಸಿ ಸಾಲ ಮನ್ನಾ ಮೊತ್ತವನ್ನು ಬಿಡುಗಡೆ ಮಾಡಲಾಗುವುದು. ಯಾವುದೇ ಗೊಂದಲ ಬೇಡ ಎಂದರು.

Printed by T.S. Gopinath, Published by M. Govinde Gowda on behalf of Academy Newspapers Private Limited, 15-C Industrial 'A' Layout, Bannimantap, Mysore-570 015 and Printed at Academy Newspapers Private Limited, 15-C Industrial 'A' Layout, Bannimantap, Mysore-570 015 and Published at 15-C Industrial 'A' Layout, Bannimantap, Mysore-570 015, Editor: M. Govinde Gowda Ph: 2496520 / 2496521 / 2496526 / 2496527 / 2496528. Fax: 0821-2496525. CITY OFFICES: Visveswaraya Building, III Floor, K.R. CIRCLE, MYSORE-570 001, Ph: 2431774 and No. 114, D. DEVARAJ URS ROAD (Opposite Big Bus), MYSORE-570 001. Ph: 2428695. RNI Reg. No. 36581 / 1980 E-mail address: mysoorumithra@gmail.com For advertisements: mysoorumithra@gmail.com
